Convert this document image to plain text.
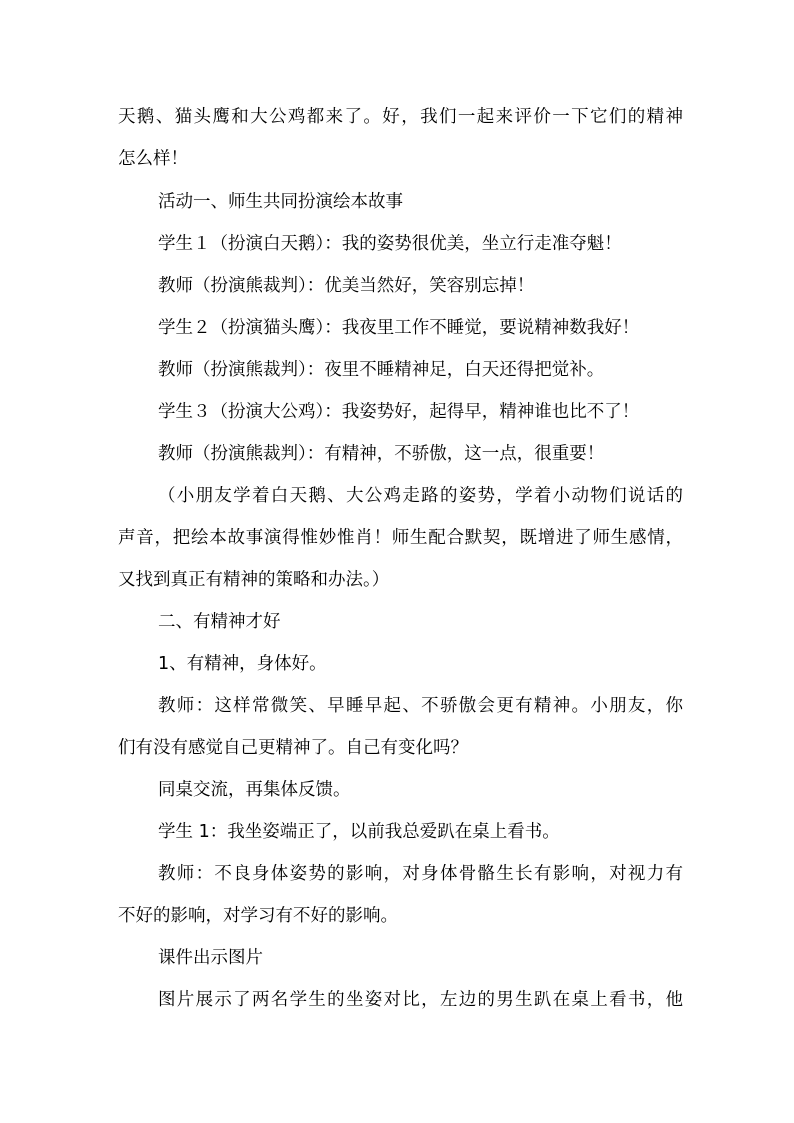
天鹅、猫头鹰和大公鸡都来了。好，我们一起来评价一下它们的精神
怎么样！
活动一、师生共同扮演绘本故事
学生１（扮演白天鹅）：我的姿势很优美，坐立行走准夺魁！
教师（扮演熊裁判）：优美当然好，笑容别忘掉！
学生２（扮演猫头鹰）：我夜里工作不睡觉，要说精神数我好！
教师（扮演熊裁判）：夜里不睡精神足，白天还得把觉补。
学生３（扮演大公鸡）：我姿势好，起得早，精神谁也比不了！
教师（扮演熊裁判）：有精神，不骄傲，这一点，很重要！
（小朋友学着白天鹅、大公鸡走路的姿势，学着小动物们说话的
声音，把绘本故事演得惟妙惟肖！师生配合默契，既增进了师生感情，
又找到真正有精神的策略和办法。）
二、有精神才好
1、有精神，身体好。
教师：这样常微笑、早睡早起、不骄傲会更有精神。小朋友，你
们有没有感觉自己更精神了。自己有变化吗？
同桌交流，再集体反馈。
学生 1：我坐姿端正了，以前我总爱趴在桌上看书。
教师：不良身体姿势的影响，对身体骨骼生长有影响，对视力有
不好的影响，对学习有不好的影响。
课件出示图片
图片展示了两名学生的坐姿对比，左边的男生趴在桌上看书，他
